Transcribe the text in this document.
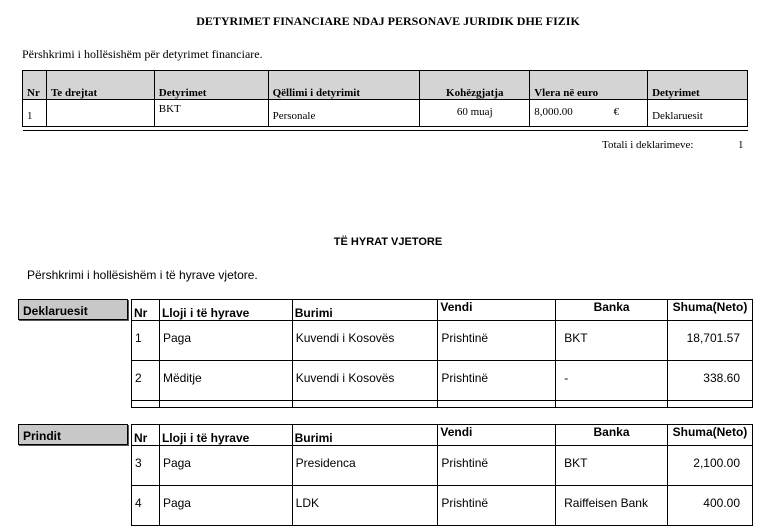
DETYRIMET FINANCIARE NDAJ PERSONAVE JURIDIK DHE FIZIK
Përshkrimi i hollësishëm për detyrimet financiare.
Nr	Te drejtat	Detyrimet	Qëllimi i detyrimit	Kohëzgjatja	Vlera në euro	Detyrimet

1		BKT	Personale	60 muaj	8,000.00 €	Deklaruesit

Totali i deklarimeve:	1
TË HYRAT VJETORE
Përshkrimi i hollësishëm i të hyrave vjetore.
Deklaruesit	Nr	Lloji i të hyrave	Burimi	Vendi	Banka	Shuma(Neto)
1	Paga	Kuvendi i Kosovës	Prishtinë	BKT	18,701.57
2	Mëditje	Kuvendi i Kosovës	Prishtinë	-	338.60

Prindit	Nr	Lloji i të hyrave	Burimi	Vendi	Banka	Shuma(Neto)
3	Paga	Presidenca	Prishtinë	BKT	2,100.00
4	Paga	LDK	Prishtinë	Raiffeisen Bank	400.00
